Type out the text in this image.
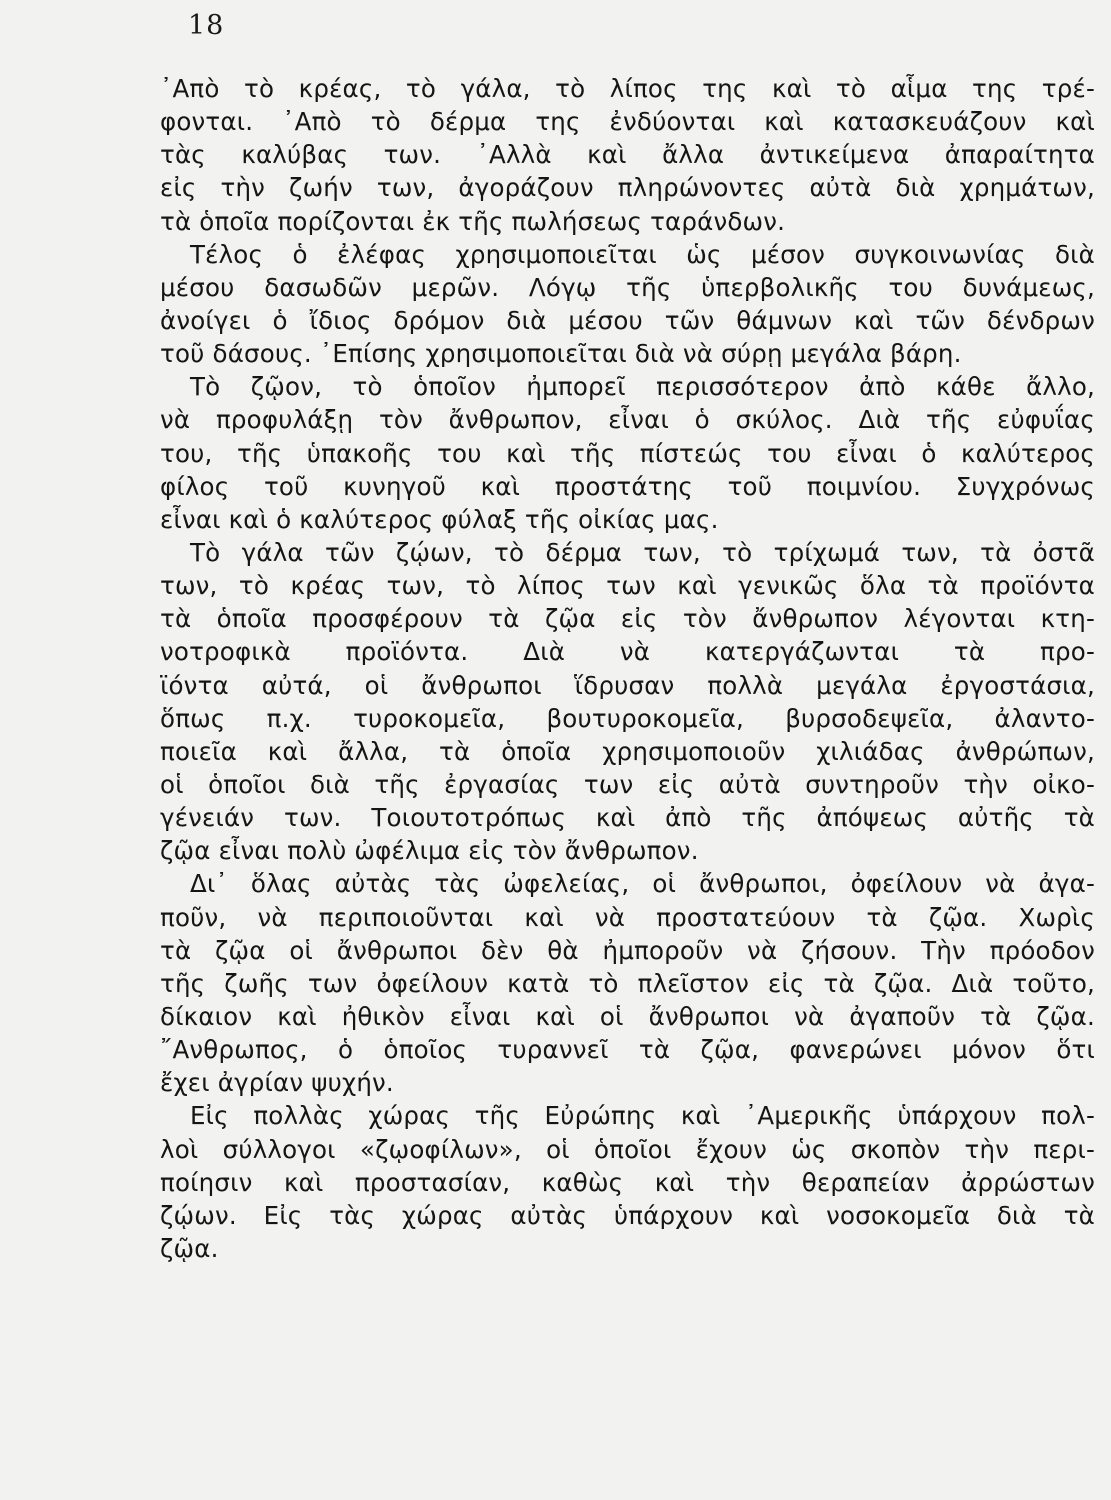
18
᾿Απὸ τὸ κρέας, τὸ γάλα, τὸ λίπος της καὶ τὸ αἷμα της τρέ-
φονται. ᾿Απὸ τὸ δέρμα της ἐνδύονται καὶ κατασκευάζουν καὶ
τὰς καλύβας των. ᾿Αλλὰ καὶ ἄλλα ἀντικείμενα ἀπαραίτητα
εἰς τὴν ζωήν των, ἀγοράζουν πληρώνοντες αὐτὰ διὰ χρημάτων,
τὰ ὁποῖα πορίζονται ἐκ τῆς πωλήσεως ταράνδων.
Τέλος ὁ ἐλέφας χρησιμοποιεῖται ὡς μέσον συγκοινωνίας διὰ
μέσου δασωδῶν μερῶν. Λόγῳ τῆς ὑπερβολικῆς του δυνάμεως,
ἀνοίγει ὁ ἴδιος δρόμον διὰ μέσου τῶν θάμνων καὶ τῶν δένδρων
τοῦ δάσους. ᾿Επίσης χρησιμοποιεῖται διὰ νὰ σύρῃ μεγάλα βάρη.
Τὸ ζῷον, τὸ ὁποῖον ἠμπορεῖ περισσότερον ἀπὸ κάθε ἄλλο,
νὰ προφυλάξῃ τὸν ἄνθρωπον, εἶναι ὁ σκύλος. Διὰ τῆς εὐφυΐας
του, τῆς ὑπακοῆς του καὶ τῆς πίστεώς του εἶναι ὁ καλύτερος
φίλος τοῦ κυνηγοῦ καὶ προστάτης τοῦ ποιμνίου. Συγχρόνως
εἶναι καὶ ὁ καλύτερος φύλαξ τῆς οἰκίας μας.
Τὸ γάλα τῶν ζῴων, τὸ δέρμα των, τὸ τρίχωμά των, τὰ ὀστᾶ
των, τὸ κρέας των, τὸ λίπος των καὶ γενικῶς ὅλα τὰ προϊόντα
τὰ ὁποῖα προσφέρουν τὰ ζῷα εἰς τὸν ἄνθρωπον λέγονται κτη-
νοτροφικὰ προϊόντα. Διὰ νὰ κατεργάζωνται τὰ προ-
ϊόντα αὐτά, οἱ ἄνθρωποι ἵδρυσαν πολλὰ μεγάλα ἐργοστάσια,
ὅπως π.χ. τυροκομεῖα, βουτυροκομεῖα, βυρσοδεψεῖα, ἀλαντο-
ποιεῖα καὶ ἄλλα, τὰ ὁποῖα χρησιμοποιοῦν χιλιάδας ἀνθρώπων,
οἱ ὁποῖοι διὰ τῆς ἐργασίας των εἰς αὐτὰ συντηροῦν τὴν οἰκο-
γένειάν των. Τοιουτοτρόπως καὶ ἀπὸ τῆς ἀπόψεως αὐτῆς τὰ
ζῷα εἶναι πολὺ ὠφέλιμα εἰς τὸν ἄνθρωπον.
Δι᾿ ὅλας αὐτὰς τὰς ὠφελείας, οἱ ἄνθρωποι, ὀφείλουν νὰ ἀγα-
ποῦν, νὰ περιποιοῦνται καὶ νὰ προστατεύουν τὰ ζῷα. Χωρὶς
τὰ ζῷα οἱ ἄνθρωποι δὲν θὰ ἠμποροῦν νὰ ζήσουν. Τὴν πρόοδον
τῆς ζωῆς των ὀφείλουν κατὰ τὸ πλεῖστον εἰς τὰ ζῷα. Διὰ τοῦτο,
δίκαιον καὶ ἠθικὸν εἶναι καὶ οἱ ἄνθρωποι νὰ ἀγαποῦν τὰ ζῷα.
῎Ανθρωπος, ὁ ὁποῖος τυραννεῖ τὰ ζῷα, φανερώνει μόνον ὅτι
ἔχει ἀγρίαν ψυχήν.
Εἰς πολλὰς χώρας τῆς Εὐρώπης καὶ ᾿Αμερικῆς ὑπάρχουν πολ-
λοὶ σύλλογοι «ζῳοφίλων», οἱ ὁποῖοι ἔχουν ὡς σκοπὸν τὴν περι-
ποίησιν καὶ προστασίαν, καθὼς καὶ τὴν θεραπείαν ἀρρώστων
ζῴων. Εἰς τὰς χώρας αὐτὰς ὑπάρχουν καὶ νοσοκομεῖα διὰ τὰ
ζῷα.
